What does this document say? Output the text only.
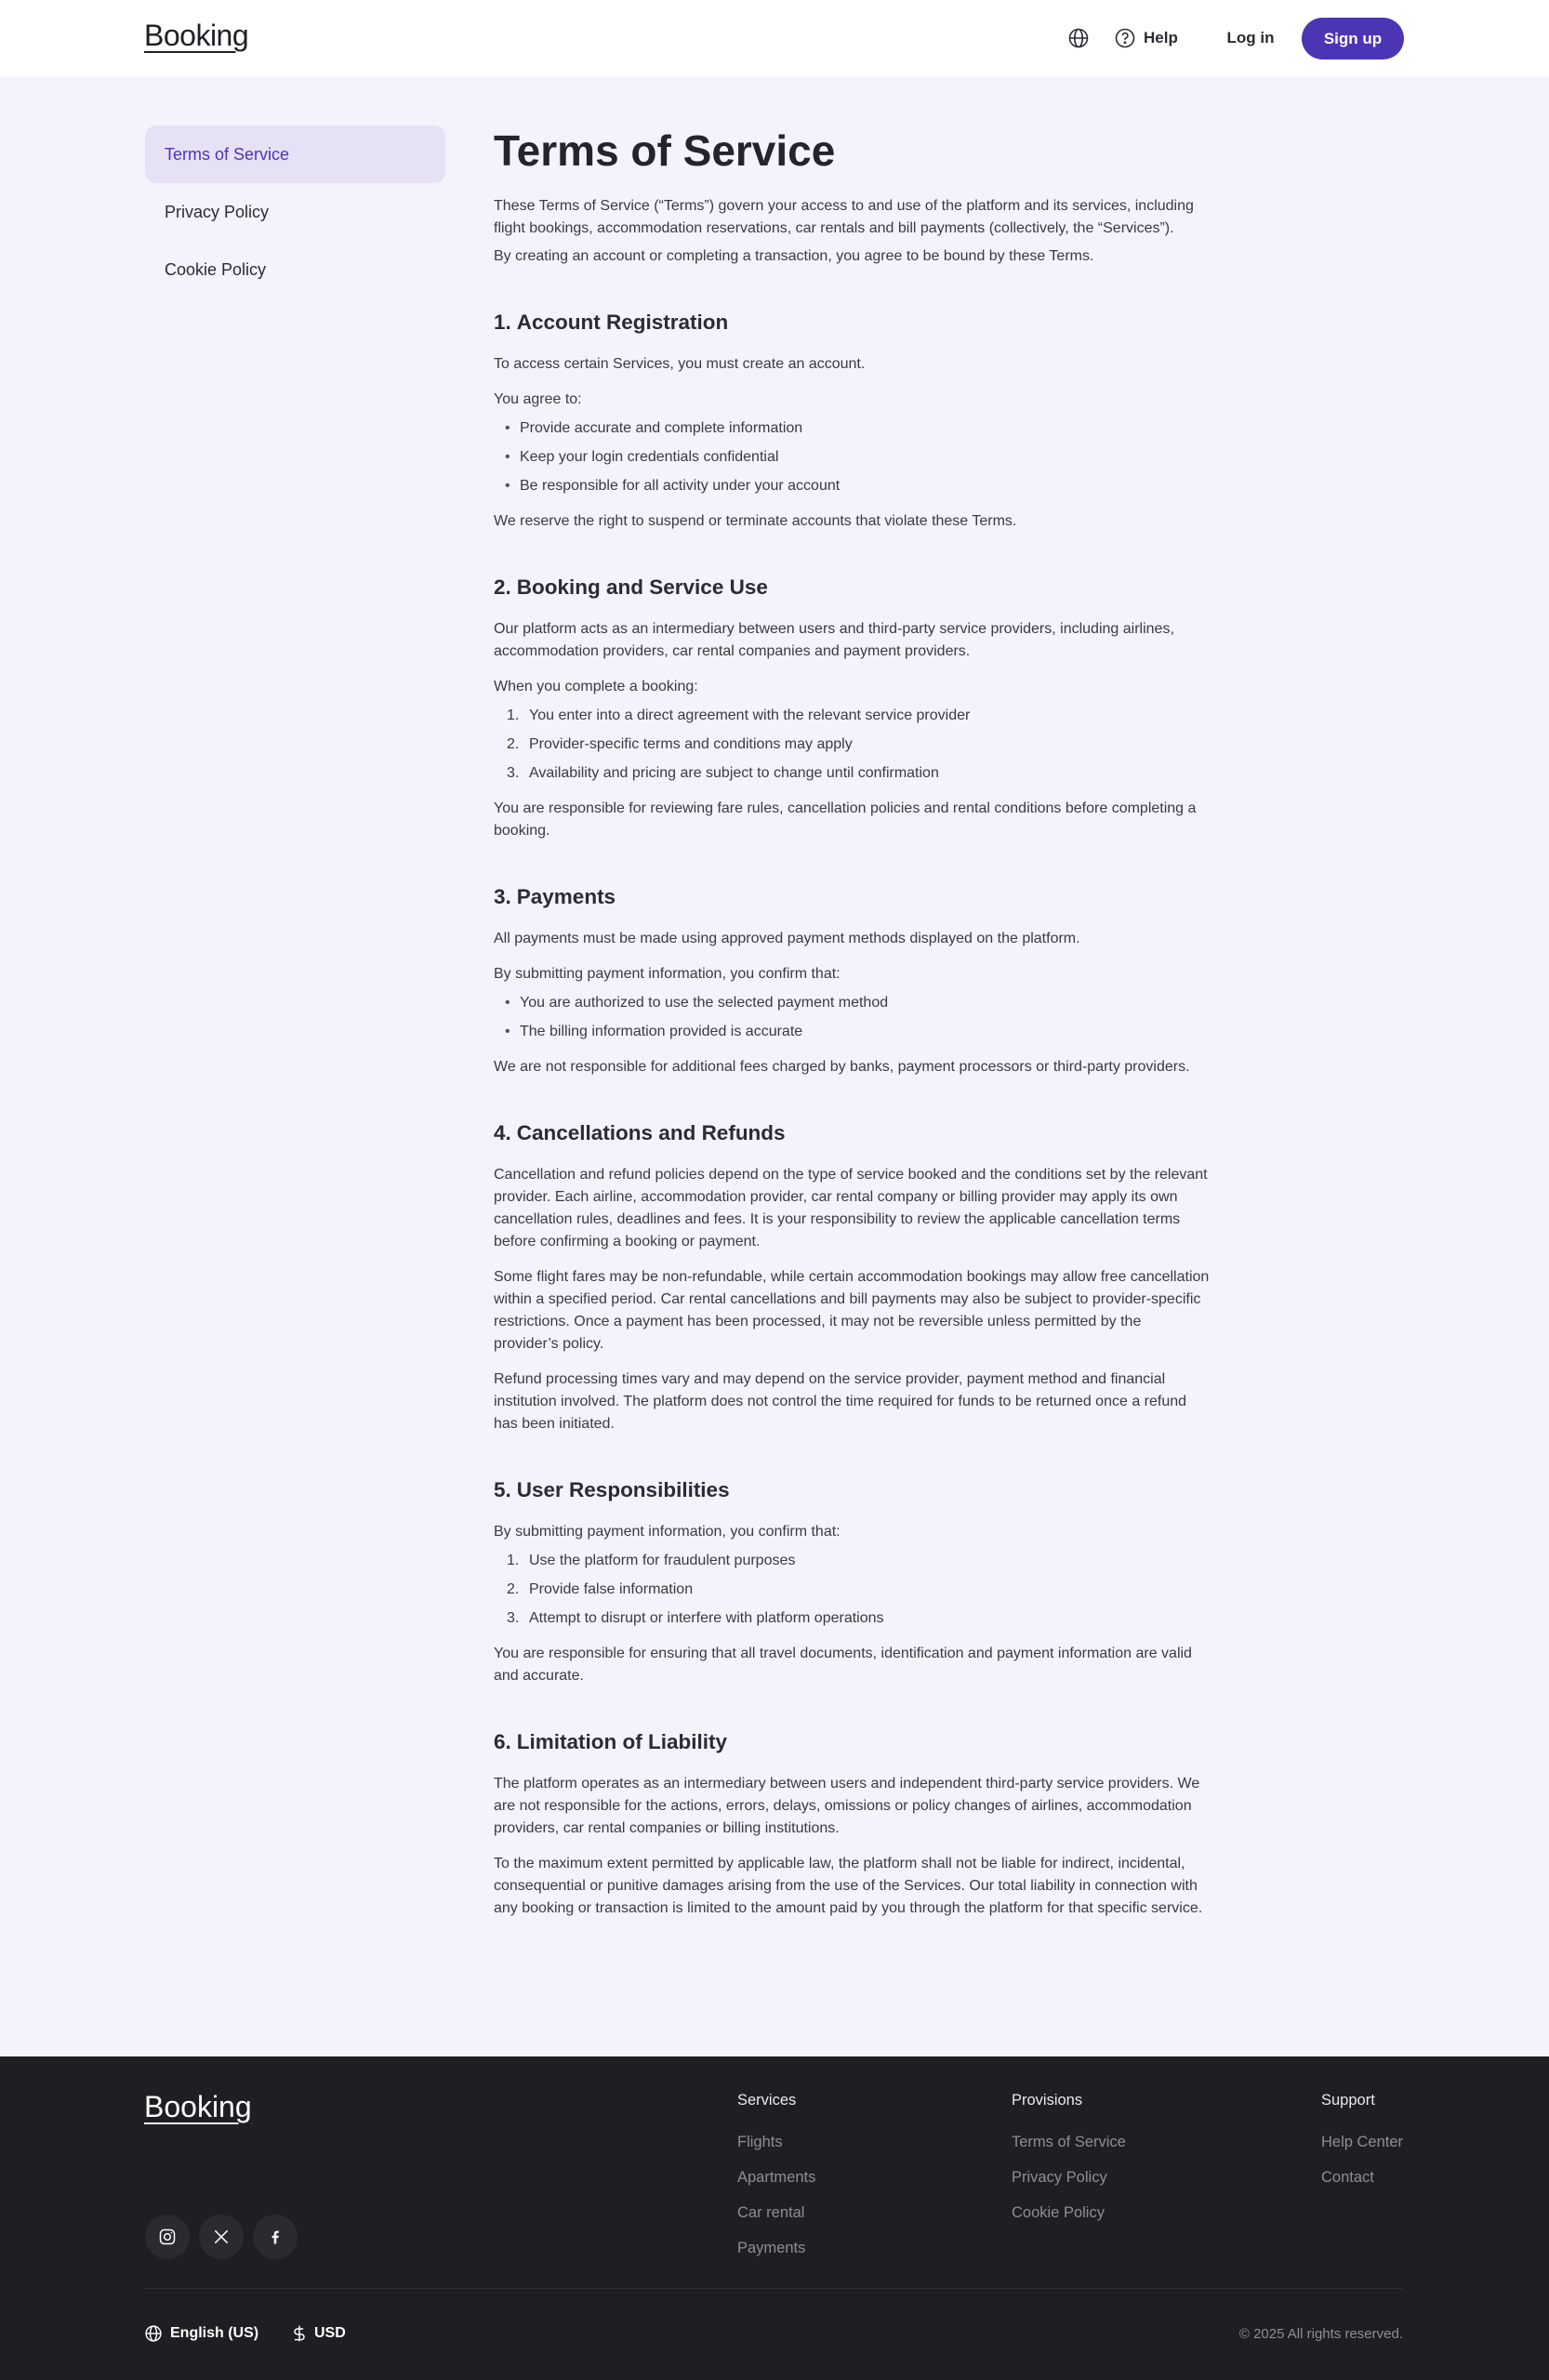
Booking	Help	Log in	Sign up
Terms of Service
Privacy Policy
Cookie Policy
Terms of Service

These Terms of Service (“Terms”) govern your access to and use of the platform and its services, including flight bookings, accommodation reservations, car rentals and bill payments (collectively, the “Services”).

By creating an account or completing a transaction, you agree to be bound by these Terms.

1. Account Registration

To access certain Services, you must create an account.

You agree to:

• Provide accurate and complete information
• Keep your login credentials confidential
• Be responsible for all activity under your account

We reserve the right to suspend or terminate accounts that violate these Terms.

2. Booking and Service Use

Our platform acts as an intermediary between users and third-party service providers, including airlines, accommodation providers, car rental companies and payment providers.

When you complete a booking:

1. You enter into a direct agreement with the relevant service provider
2. Provider-specific terms and conditions may apply
3. Availability and pricing are subject to change until confirmation

You are responsible for reviewing fare rules, cancellation policies and rental conditions before completing a booking.

3. Payments

All payments must be made using approved payment methods displayed on the platform.

By submitting payment information, you confirm that:

• You are authorized to use the selected payment method
• The billing information provided is accurate

We are not responsible for additional fees charged by banks, payment processors or third-party providers.

4. Cancellations and Refunds

Cancellation and refund policies depend on the type of service booked and the conditions set by the relevant provider. Each airline, accommodation provider, car rental company or billing provider may apply its own cancellation rules, deadlines and fees. It is your responsibility to review the applicable cancellation terms before confirming a booking or payment.

Some flight fares may be non-refundable, while certain accommodation bookings may allow free cancellation within a specified period. Car rental cancellations and bill payments may also be subject to provider-specific restrictions. Once a payment has been processed, it may not be reversible unless permitted by the provider’s policy.

Refund processing times vary and may depend on the service provider, payment method and financial institution involved. The platform does not control the time required for funds to be returned once a refund has been initiated.

5. User Responsibilities

By submitting payment information, you confirm that:

1. Use the platform for fraudulent purposes
2. Provide false information
3. Attempt to disrupt or interfere with platform operations

You are responsible for ensuring that all travel documents, identification and payment information are valid and accurate.

6. Limitation of Liability

The platform operates as an intermediary between users and independent third-party service providers. We are not responsible for the actions, errors, delays, omissions or policy changes of airlines, accommodation providers, car rental companies or billing institutions.

To the maximum extent permitted by applicable law, the platform shall not be liable for indirect, incidental, consequential or punitive damages arising from the use of the Services. Our total liability in connection with any booking or transaction is limited to the amount paid by you through the platform for that specific service.

Booking	Services
Flights
Apartments
Car rental
Payments
Provisions
Terms of Service
Privacy Policy
Cookie Policy
Support
Help Center
Contact
English (US)	USD	© 2025 All rights reserved.
